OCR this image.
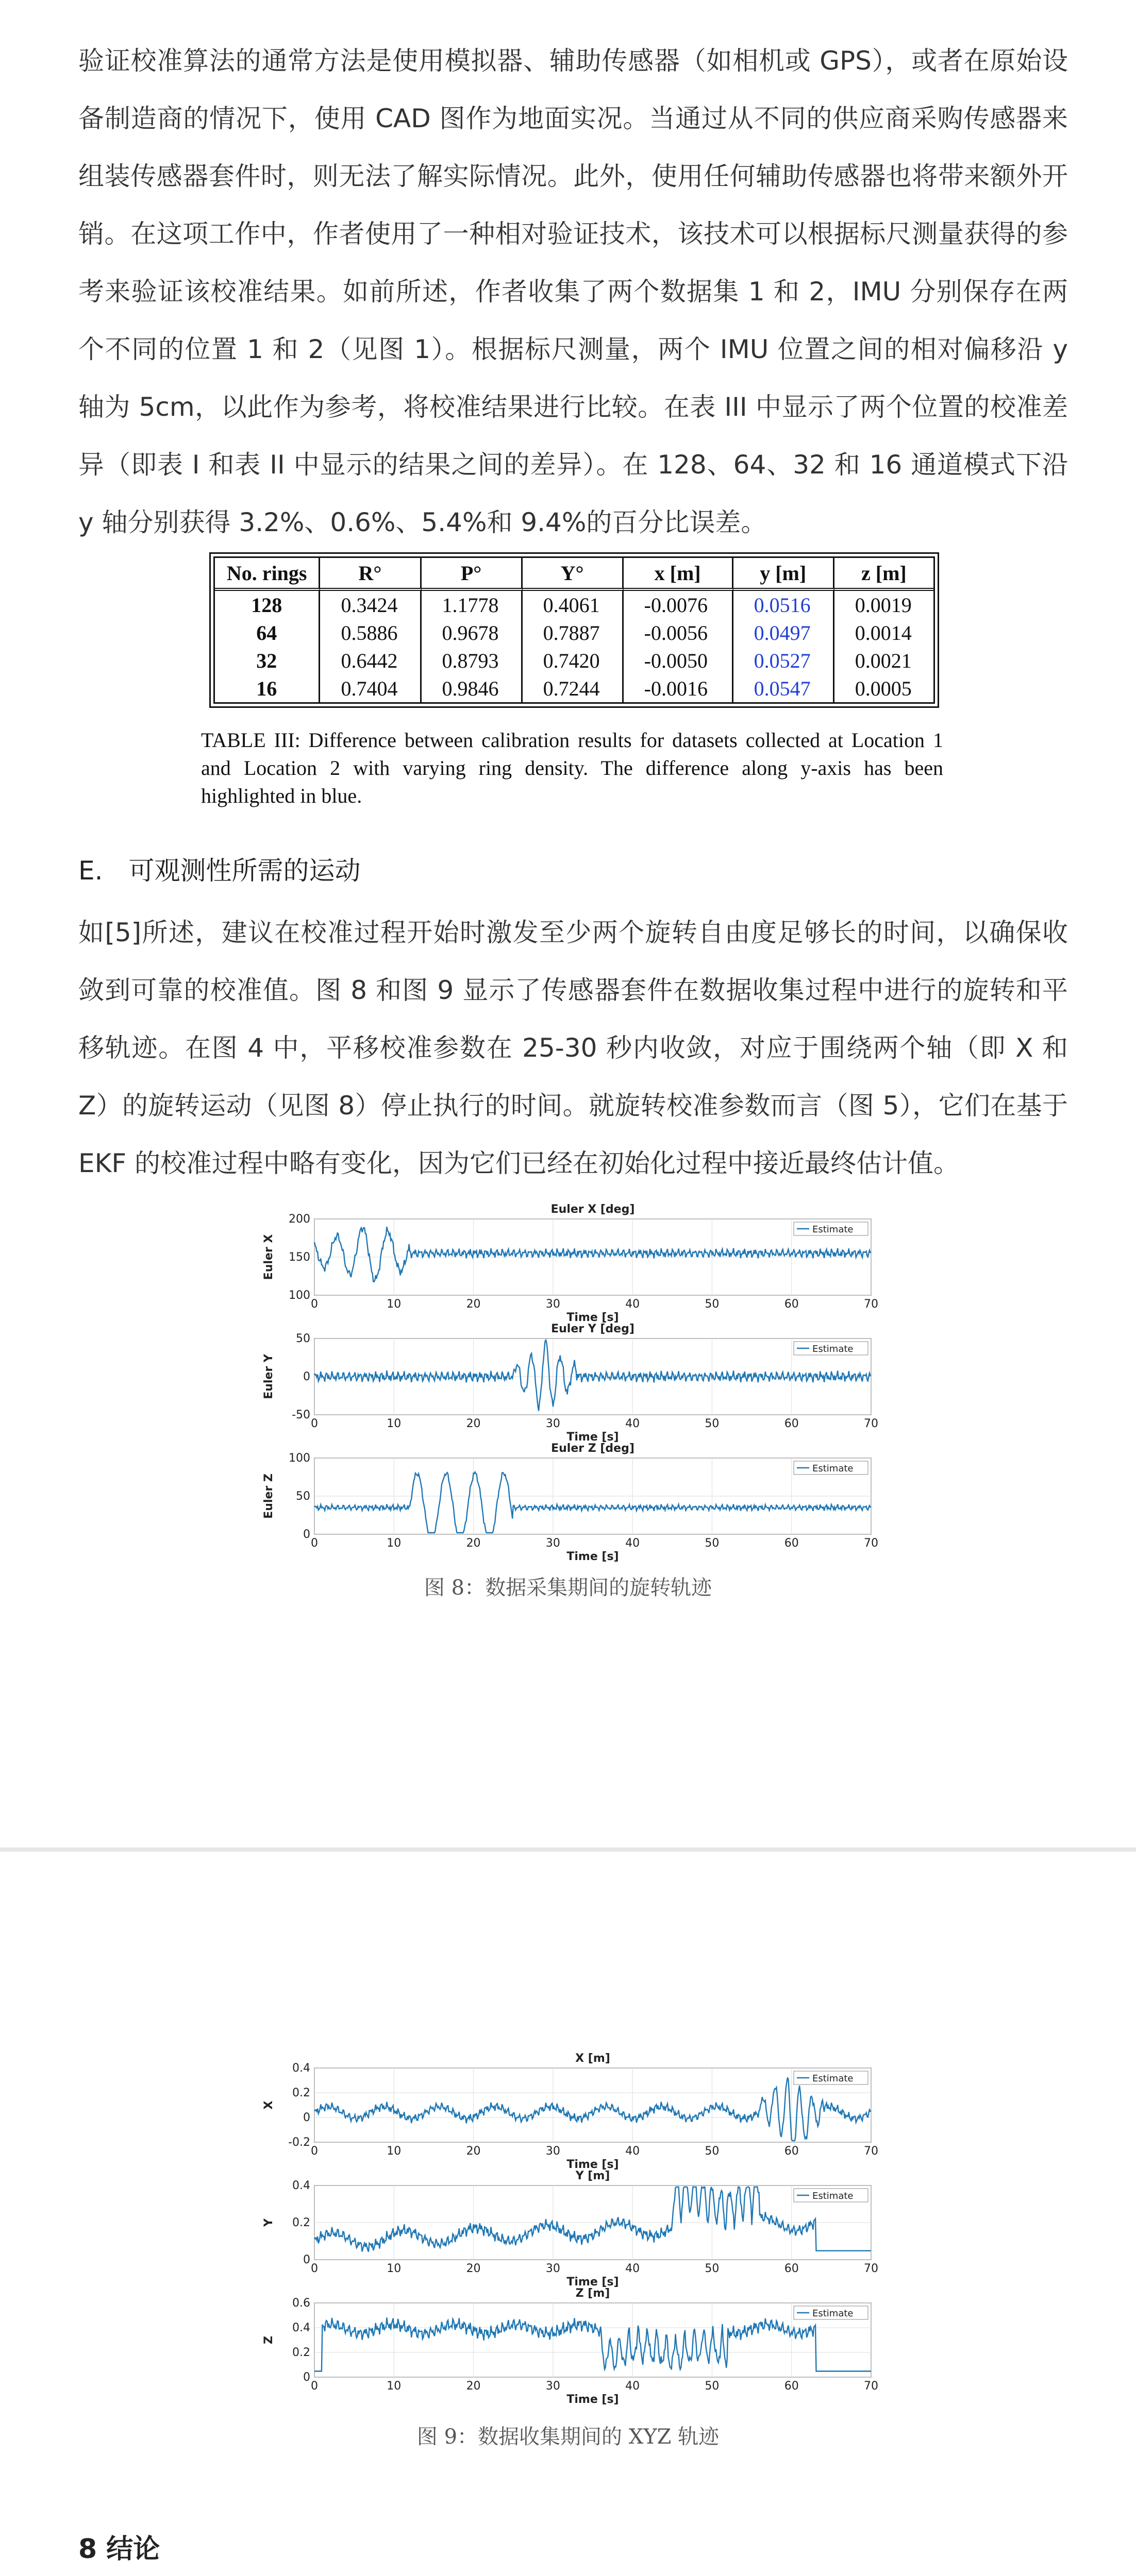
验证校准算法的通常方法是使用模拟器、辅助传感器（如相机或 GPS），或者在原始设备制造商的情况下，使用 CAD 图作为地面实况。当通过从不同的供应商采购传感器来组装传感器套件时，则无法了解实际情况。此外，使用任何辅助传感器也将带来额外开销。在这项工作中，作者使用了一种相对验证技术，该技术可以根据标尺测量获得的参考来验证该校准结果。如前所述，作者收集了两个数据集 1 和 2，IMU 分别保存在两个不同的位置 1 和 2（见图 1）。根据标尺测量，两个 IMU 位置之间的相对偏移沿 y 轴为 5cm，以此作为参考，将校准结果进行比较。在表 III 中显示了两个位置的校准差异（即表 I 和表 II 中显示的结果之间的差异）。在 128、64、32 和 16 通道模式下沿 y 轴分别获得 3.2%、0.6%、5.4%和 9.4%的百分比误差。

No. rings	R°	P°	Y°	x [m]	y [m]	z [m]
128	0.3424	1.1778	0.4061	-0.0076	0.0516	0.0019
64	0.5886	0.9678	0.7887	-0.0056	0.0497	0.0014
32	0.6442	0.8793	0.7420	-0.0050	0.0527	0.0021
16	0.7404	0.9846	0.7244	-0.0016	0.0547	0.0005

TABLE III: Difference between calibration results for datasets collected at Location 1 and Location 2 with varying ring density. The difference along y-axis has been highlighted in blue.

E.　可观测性所需的运动

如[5]所述，建议在校准过程开始时激发至少两个旋转自由度足够长的时间，以确保收敛到可靠的校准值。图 8 和图 9 显示了传感器套件在数据收集过程中进行的旋转和平移轨迹。在图 4 中，平移校准参数在 25-30 秒内收敛，对应于围绕两个轴（即 X 和 Z）的旋转运动（见图 8）停止执行的时间。就旋转校准参数而言（图 5），它们在基于 EKF 的校准过程中略有变化，因为它们已经在初始化过程中接近最终估计值。

Euler X [deg]
0	10	20	30	40	50	60	70
100
150
200
Euler X
Estimate
Time [s]
Euler Y [deg]
0	10	20	30	40	50	60	70
-50
0
50
Euler Y
Estimate
Time [s]
Euler Z [deg]
0	10	20	30	40	50	60	70
0
50
100
Euler Z
Estimate
Time [s]
图 8：数据采集期间的旋转轨迹
X [m]
0	10	20	30	40	50	60	70
-0.2
0
0.2
0.4
X
Estimate
Time [s]
Y [m]
0	10	20	30	40	50	60	70
0
0.2
0.4
Y
Estimate
Time [s]
Z [m]
0	10	20	30	40	50	60	70
0
0.2
0.4
0.6
Z
Estimate
Time [s]
图 9：数据收集期间的 XYZ 轨迹
8 结论
